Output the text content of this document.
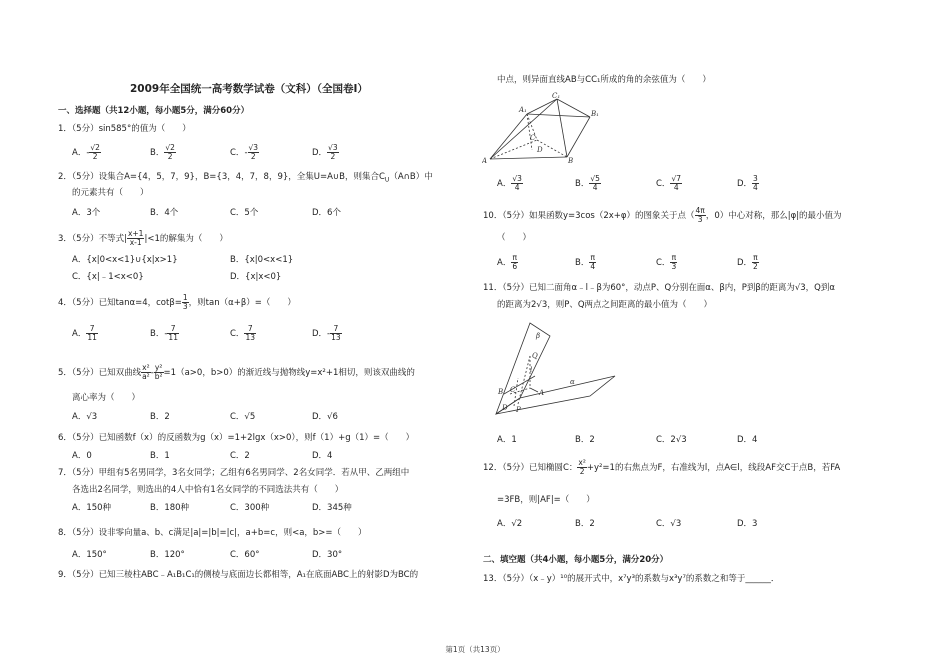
2009年全国统一高考数学试卷（文科）（全国卷Ⅰ）
一、选择题（共12小题，每小题5分，满分60分）
1．（5分）sin585°的值为（　　）
A．- $\frac{√2}{2}$	B． $\frac{√2}{2}$	C．- $\frac{√3}{2}$	D． $\frac{√3}{2}$
2．（5分）设集合A={4，5，7，9}，B={3，4，7，8，9}，全集U=A∪B，则集合$C_U(A\cap B)$中
的元素共有（　　）
A．3个	B．4个	C．5个	D．6个
3．（5分）不等式| $\frac{x+1}{x-1} |<1$的解集为（　　）
A．{x|0<x<1}∪{x|x>1}	B．{x|0<x<1}
C．{x|﹣1<x<0}	D．{x|x<0}
4．（5分）已知tanα=4，$\cot\beta= \frac{1}{3}$ ，则tan（α+β）=（　　）
A． $\frac{7}{11}$	B．- $\frac{7}{11}$	C． $\frac{7}{13}$	D．- $\frac{7}{13}$
5．（5分）已知双曲线 $\frac{\text{x²}}{\text{a²}} - \frac{\text{y²}}{\text{b²}} =1(a>0$，b>0）的渐近线与抛物线y=x²+1相切，则该双曲线的
离心率为（　　）
A．√3	B．2	C．√5	D．√6
6．（5分）已知函数f（x）的反函数为g（x）=1+2lgx（x>0），则f（1）+g（1）=（　　）
A．0	B．1	C．2	D．4
7．（5分）甲组有5名男同学，3名女同学；乙组有6名男同学、2名女同学．若从甲、乙两组中
各选出2名同学，则选出的4人中恰有1名女同学的不同选法共有（　　）
A．150种	B．180种	C．300种	D．345种
8．（5分）设非零向量a、b、c满足|a|=|b|=|c|，a+b=c，则<a，b>=（　　）
A．150°	B．120°	C．60°	D．30°
9．（5分）已知三棱柱ABC﹣A₁B₁C₁的侧棱与底面边长都相等，A₁在底面ABC上的射影D为BC的
中点，则异面直线AB与CC₁所成的角的余弦值为（　　）
C₁
A₁	B₁
C
D
A	B
A． $\frac{√3}{4}$	B． $\frac{√5}{4}$	C． $\frac{√7}{4}$	D． $\frac{3}{4}$
10．（5分）如果函数y=3cos（2x+φ）的图象关于点（ $\frac{4\pi}{3}$ ，0）中心对称，那么|φ|的最小值为
（　　）
A． $\frac{\pi}{6}$	B． $\frac{\pi}{4}$	C． $\frac{\pi}{3}$	D． $\frac{\pi}{2}$
11．（5分）已知二面角α﹣l﹣β为60°，动点P、Q分别在面α、β内，P到β的距离为√3，Q到α
的距离为2√3，则P、Q两点之间距离的最小值为（　　）
β
Q
B C	A
P
D
l
α
A．1	B．2	C．2√3	D．4
12．（5分）已知椭圆C： $\frac{\text{x²}}{2} +y^2=1$的右焦点为F，右准线为l，点A∈l，线段AF交C于点B，若FA
=3FB，则|AF|=（　　）
A．√2	B．2	C．√3	D．3
二、填空题（共4小题，每小题5分，满分20分）
13．（5分）（x﹣y）¹⁰的展开式中，x⁷y³的系数与x³y⁷的系数之和等于______．
第1页（共13页）
